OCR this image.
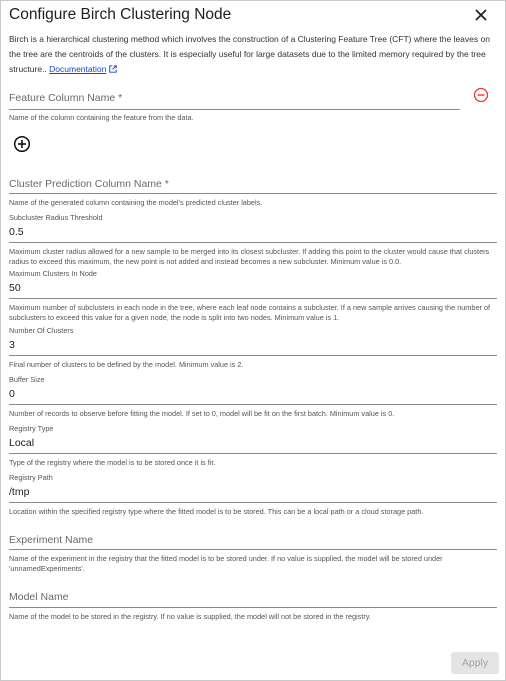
Configure Birch Clustering Node
Birch is a hierarchical clustering method which involves the construction of a Clustering Feature Tree (CFT) where the leaves on the tree are the centroids of the clusters. It is especially useful for large datasets due to the limited memory required by the tree structure.. Documentation
Feature Column Name *
Name of the column containing the feature from the data.
Cluster Prediction Column Name *
Name of the generated column containing the model's predicted cluster labels.
Subcluster Radius Threshold
0.5
Maximum cluster radius allowed for a new sample to be merged into its closest subcluster. If adding this point to the cluster would cause that clusters radius to exceed this maximum, the new point is not added and instead becomes a new subcluster. Minimum value is 0.0.
Maximum Clusters In Node
50
Maximum number of subclusters in each node in the tree, where each leaf node contains a subcluster. If a new sample arrives causing the number of subclusters to exceed this value for a given node, the node is split into two nodes. Minimum value is 1.
Number Of Clusters
3
Final number of clusters to be defined by the model. Minimum value is 2.
Buffer Size
0
Number of records to observe before fitting the model. If set to 0, model will be fit on the first batch. Minimum value is 0.
Registry Type
Local
Type of the registry where the model is to be stored once it is fit.
Registry Path
/tmp
Location within the specified registry type where the fitted model is to be stored. This can be a local path or a cloud storage path.
Experiment Name
Name of the experiment in the registry that the fitted model is to be stored under. If no value is supplied, the model will be stored under 'unnamedExperiments'.
Model Name
Name of the model to be stored in the registry. If no value is supplied, the model will not be stored in the registry.
Apply
